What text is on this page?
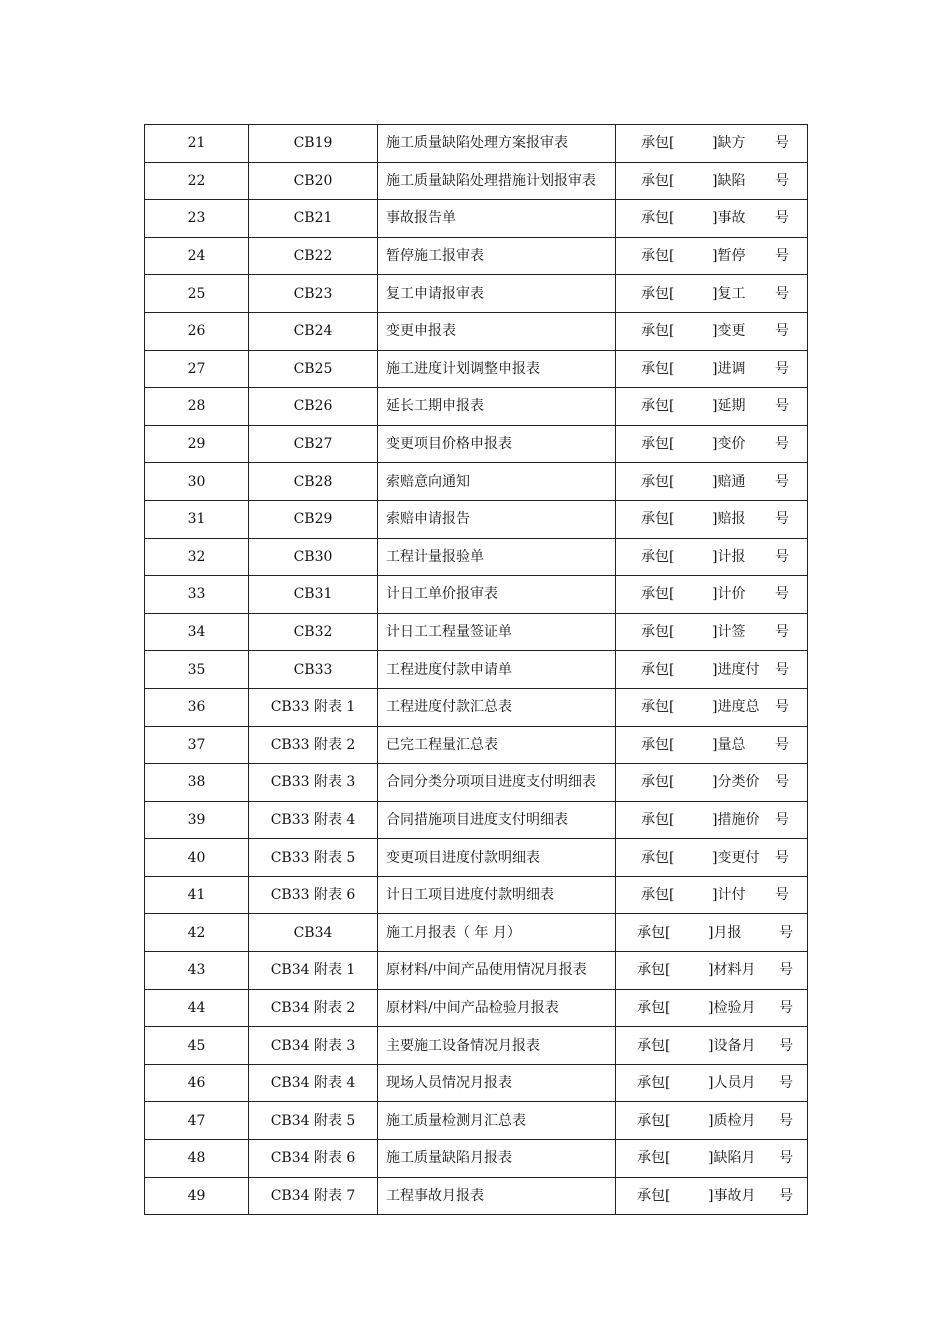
21	CB19	施工质量缺陷处理方案报审表	承包[ ]缺方 号

22	CB20	施工质量缺陷处理措施计划报审表	承包[ ]缺陷 号

23	CB21	事故报告单	承包[ ]事故 号

24	CB22	暂停施工报审表	承包[ ]暂停 号

25	CB23	复工申请报审表	承包[ ]复工 号

26	CB24	变更申报表	承包[ ]变更 号

27	CB25	施工进度计划调整申报表	承包[ ]进调 号

28	CB26	延长工期申报表	承包[ ]延期 号

29	CB27	变更项目价格申报表	承包[ ]变价 号

30	CB28	索赔意向通知	承包[ ]赔通 号

31	CB29	索赔申请报告	承包[ ]赔报 号

32	CB30	工程计量报验单	承包[ ]计报 号

33	CB31	计日工单价报审表	承包[ ]计价 号

34	CB32	计日工工程量签证单	承包[ ]计签 号

35	CB33	工程进度付款申请单	承包[ ]进度付 号

36	CB33 附表 1	工程进度付款汇总表	承包[ ]进度总 号

37	CB33 附表 2	已完工程量汇总表	承包[ ]量总 号

38	CB33 附表 3	合同分类分项项目进度支付明细表	承包[ ]分类价 号

39	CB33 附表 4	合同措施项目进度支付明细表	承包[ ]措施价 号

40	CB33 附表 5	变更项目进度付款明细表	承包[ ]变更付 号

41	CB33 附表 6	计日工项目进度付款明细表	承包[ ]计付 号

42	CB34	施工月报表（ 年 月）	承包[ ]月报 号

43	CB34 附表 1	原材料/中间产品使用情况月报表	承包[ ]材料月 号

44	CB34 附表 2	原材料/中间产品检验月报表	承包[ ]检验月 号

45	CB34 附表 3	主要施工设备情况月报表	承包[ ]设备月 号

46	CB34 附表 4	现场人员情况月报表	承包[ ]人员月 号

47	CB34 附表 5	施工质量检测月汇总表	承包[ ]质检月 号

48	CB34 附表 6	施工质量缺陷月报表	承包[ ]缺陷月 号

49	CB34 附表 7	工程事故月报表	承包[ ]事故月 号
